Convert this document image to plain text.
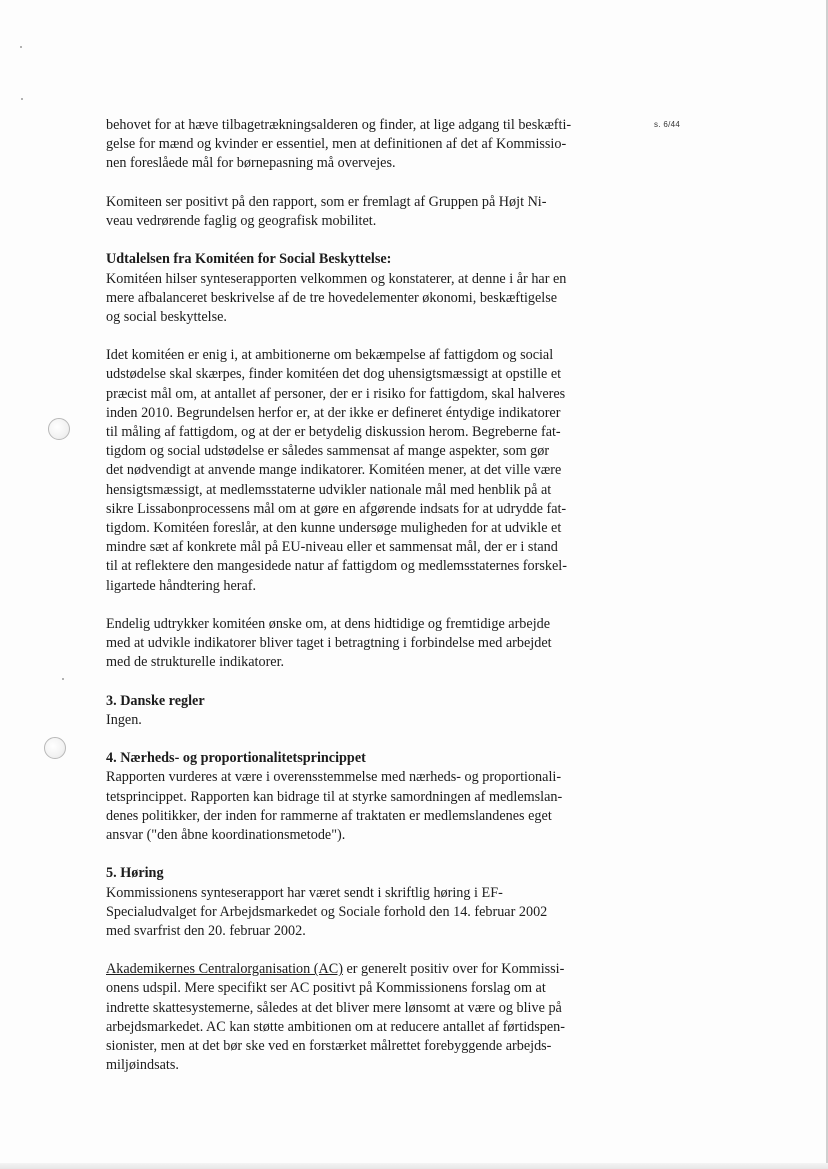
s. 6/44
behovet for at hæve tilbagetrækningsalderen og finder, at lige adgang til beskæfti-
gelse for mænd og kvinder er essentiel, men at definitionen af det af Kommissio-
nen foreslåede mål for børnepasning må overvejes.
Komiteen ser positivt på den rapport, som er fremlagt af Gruppen på Højt Ni-
veau vedrørende faglig og geografisk mobilitet.
Udtalelsen fra Komitéen for Social Beskyttelse:
Komitéen hilser synteserapporten velkommen og konstaterer, at denne i år har en
mere afbalanceret beskrivelse af de tre hovedelementer økonomi, beskæftigelse
og social beskyttelse.
Idet komitéen er enig i, at ambitionerne om bekæmpelse af fattigdom og social
udstødelse skal skærpes, finder komitéen det dog uhensigtsmæssigt at opstille et
præcist mål om, at antallet af personer, der er i risiko for fattigdom, skal halveres
inden 2010. Begrundelsen herfor er, at der ikke er defineret éntydige indikatorer
til måling af fattigdom, og at der er betydelig diskussion herom. Begreberne fat-
tigdom og social udstødelse er således sammensat af mange aspekter, som gør
det nødvendigt at anvende mange indikatorer. Komitéen mener, at det ville være
hensigtsmæssigt, at medlemsstaterne udvikler nationale mål med henblik på at
sikre Lissabonprocessens mål om at gøre en afgørende indsats for at udrydde fat-
tigdom. Komitéen foreslår, at den kunne undersøge muligheden for at udvikle et
mindre sæt af konkrete mål på EU-niveau eller et sammensat mål, der er i stand
til at reflektere den mangesidede natur af fattigdom og medlemsstaternes forskel-
ligartede håndtering heraf.
Endelig udtrykker komitéen ønske om, at dens hidtidige og fremtidige arbejde
med at udvikle indikatorer bliver taget i betragtning i forbindelse med arbejdet
med de strukturelle indikatorer.
3. Danske regler
Ingen.
4. Nærheds- og proportionalitetsprincippet
Rapporten vurderes at være i overensstemmelse med nærheds- og proportionali-
tetsprincippet. Rapporten kan bidrage til at styrke samordningen af medlemslan-
denes politikker, der inden for rammerne af traktaten er medlemslandenes eget
ansvar ("den åbne koordinationsmetode").
5. Høring
Kommissionens synteserapport har været sendt i skriftlig høring i EF-
Specialudvalget for Arbejdsmarkedet og Sociale forhold den 14. februar 2002
med svarfrist den 20. februar 2002.
Akademikernes Centralorganisation (AC) er generelt positiv over for Kommissi-
onens udspil. Mere specifikt ser AC positivt på Kommissionens forslag om at
indrette skattesystemerne, således at det bliver mere lønsomt at være og blive på
arbejdsmarkedet. AC kan støtte ambitionen om at reducere antallet af førtidspen-
sionister, men at det bør ske ved en forstærket målrettet forebyggende arbejds-
miljøindsats.
